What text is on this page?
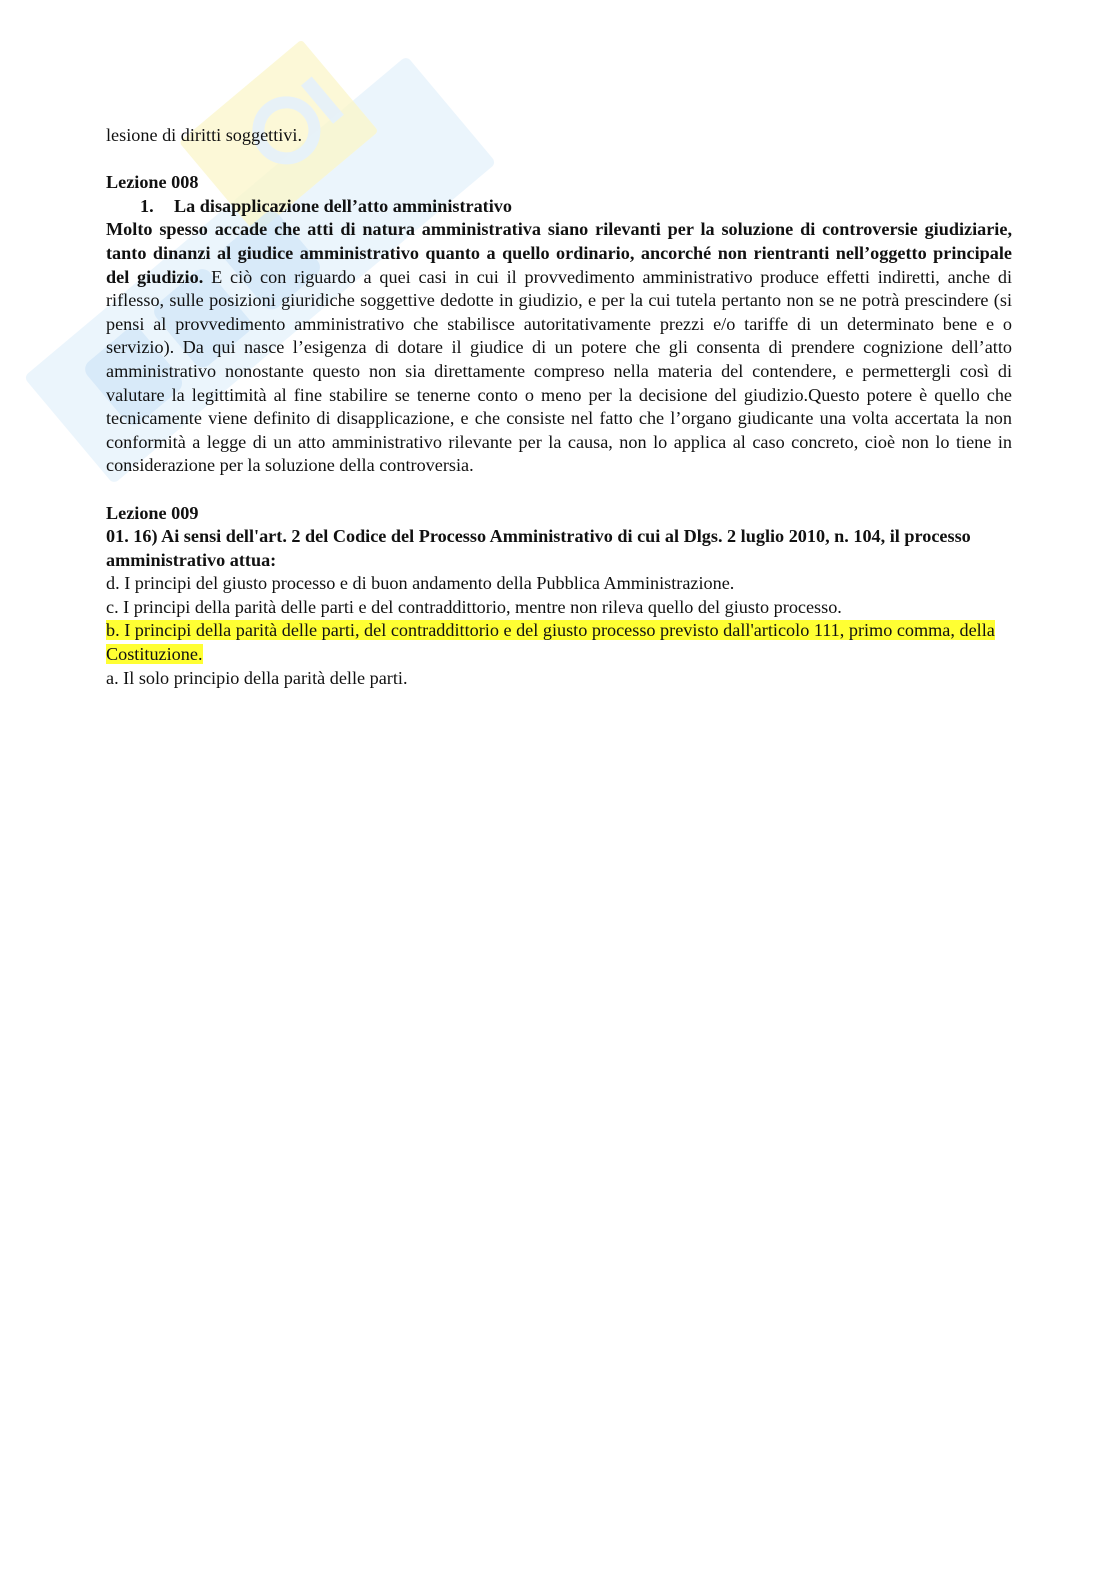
lesione di diritti soggettivi.

Lezione 008

1. La disapplicazione dell’atto amministrativo

Molto spesso accade che atti di natura amministrativa siano rilevanti per la soluzione di controversie giudiziarie, tanto dinanzi al giudice amministrativo quanto a quello ordinario, ancorché non rientranti nell’oggetto principale del giudizio. E ciò con riguardo a quei casi in cui il provvedimento amministrativo produce effetti indiretti, anche di riflesso, sulle posizioni giuridiche soggettive dedotte in giudizio, e per la cui tutela pertanto non se ne potrà prescindere (si pensi al provvedimento amministrativo che stabilisce autoritativamente prezzi e/o tariffe di un determinato bene e o servizio). Da qui nasce l’esigenza di dotare il giudice di un potere che gli consenta di prendere cognizione dell’atto amministrativo nonostante questo non sia direttamente compreso nella materia del contendere, e permettergli così di valutare la legittimità al fine stabilire se tenerne conto o meno per la decisione del giudizio.Questo potere è quello che tecnicamente viene definito di disapplicazione, e che consiste nel fatto che l’organo giudicante una volta accertata la non conformità a legge di un atto amministrativo rilevante per la causa, non lo applica al caso concreto, cioè non lo tiene in considerazione per la soluzione della controversia.

Lezione 009

01. 16) Ai sensi dell'art. 2 del Codice del Processo Amministrativo di cui al Dlgs. 2 luglio 2010, n. 104, il processo amministrativo attua:

d. I principi del giusto processo e di buon andamento della Pubblica Amministrazione.

c. I principi della parità delle parti e del contraddittorio, mentre non rileva quello del giusto processo.

b. I principi della parità delle parti, del contraddittorio e del giusto processo previsto dall'articolo 111, primo comma, della Costituzione.

a. Il solo principio della parità delle parti.
